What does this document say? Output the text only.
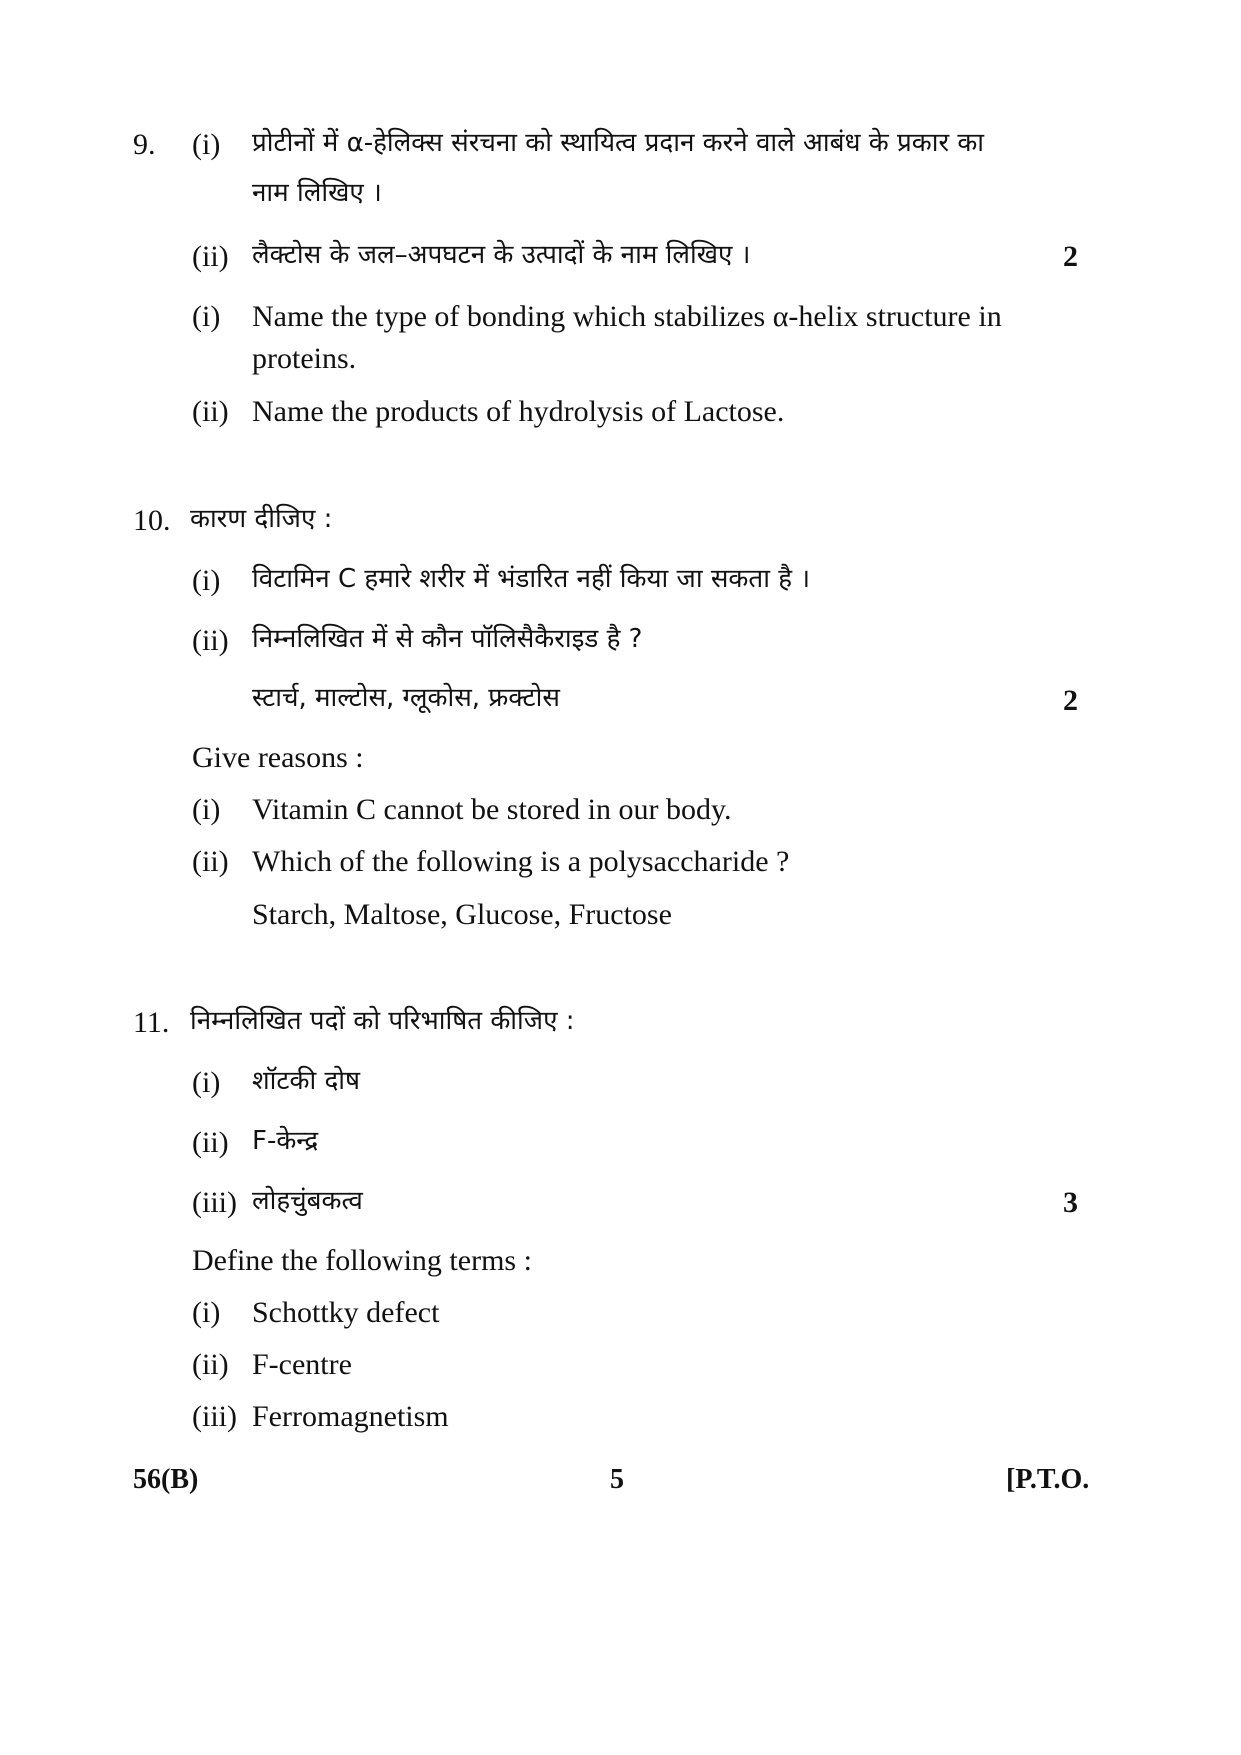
9. (i) प्रोटीनों में α-हेलिक्स संरचना को स्थायित्व प्रदान करने वाले आबंध के प्रकार का
नाम लिखिए ।
(ii) लैक्टोस के जल–अपघटन के उत्पादों के नाम लिखिए ।	2
(i) Name the type of bonding which stabilizes α-helix structure in
proteins.
(ii) Name the products of hydrolysis of Lactose.
10. कारण दीजिए :
(i) विटामिन C हमारे शरीर में भंडारित नहीं किया जा सकता है ।
(ii) निम्नलिखित में से कौन पॉलिसैकैराइड है ?
स्टार्च, माल्टोस, ग्लूकोस, फ्रक्टोस	2
Give reasons :
(i) Vitamin C cannot be stored in our body.
(ii) Which of the following is a polysaccharide ?
Starch, Maltose, Glucose, Fructose
11. निम्नलिखित पदों को परिभाषित कीजिए :
(i) शॉटकी दोष
(ii) F-केन्द्र
(iii) लोहचुंबकत्व	3
Define the following terms :
(i) Schottky defect
(ii) F-centre
(iii) Ferromagnetism
56(B)	5	[P.T.O.
